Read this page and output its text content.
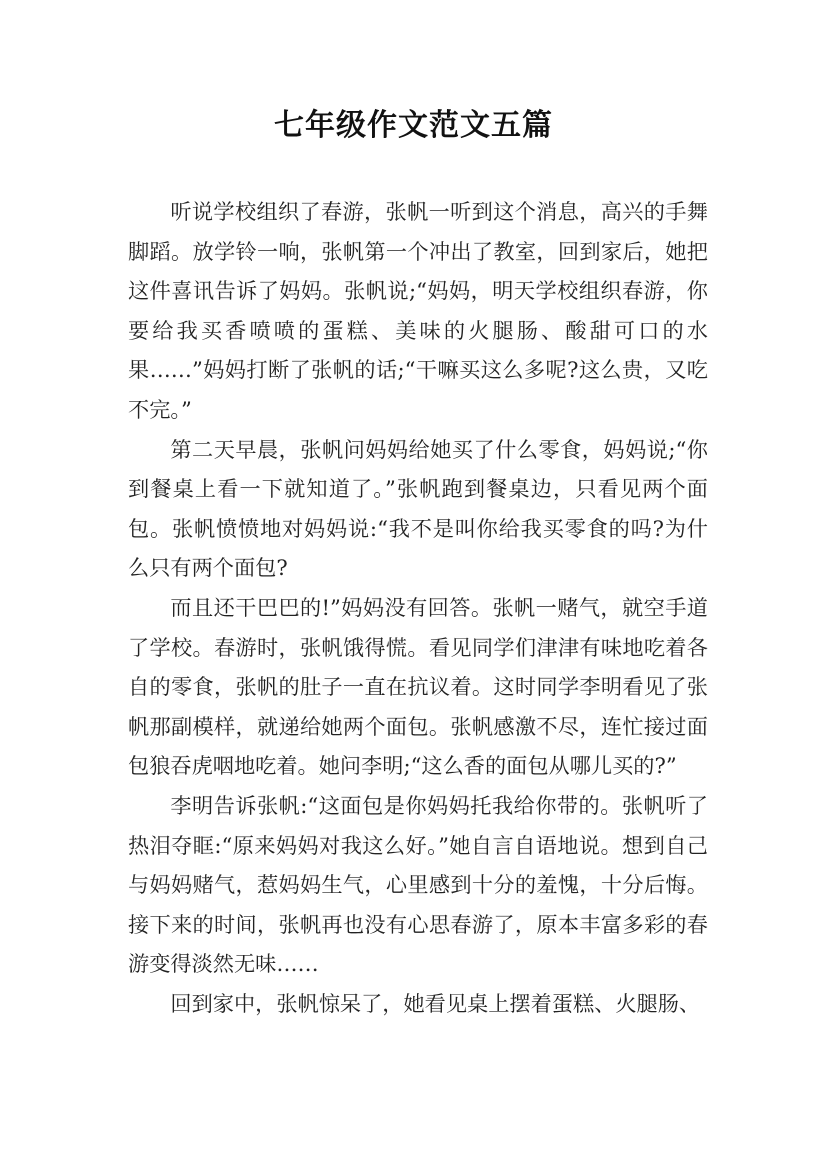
七年级作文范文五篇

听说学校组织了春游，张帆一听到这个消息，高兴的手舞脚蹈。放学铃一响，张帆第一个冲出了教室，回到家后，她把这件喜讯告诉了妈妈。张帆说;“妈妈，明天学校组织春游，你要给我买香喷喷的蛋糕、美味的火腿肠、酸甜可口的水果……”妈妈打断了张帆的话;“干嘛买这么多呢?这么贵，又吃不完。”

第二天早晨，张帆问妈妈给她买了什么零食，妈妈说;“你到餐桌上看一下就知道了。”张帆跑到餐桌边，只看见两个面包。张帆愤愤地对妈妈说:“我不是叫你给我买零食的吗?为什么只有两个面包?

而且还干巴巴的!”妈妈没有回答。张帆一赌气，就空手道了学校。春游时，张帆饿得慌。看见同学们津津有味地吃着各自的零食，张帆的肚子一直在抗议着。这时同学李明看见了张帆那副模样，就递给她两个面包。张帆感激不尽，连忙接过面包狼吞虎咽地吃着。她问李明;“这么香的面包从哪儿买的?”

李明告诉张帆:“这面包是你妈妈托我给你带的。张帆听了热泪夺眶:“原来妈妈对我这么好。”她自言自语地说。想到自己与妈妈赌气，惹妈妈生气，心里感到十分的羞愧，十分后悔。接下来的时间，张帆再也没有心思春游了，原本丰富多彩的春游变得淡然无味……

回到家中，张帆惊呆了，她看见桌上摆着蛋糕、火腿肠、
